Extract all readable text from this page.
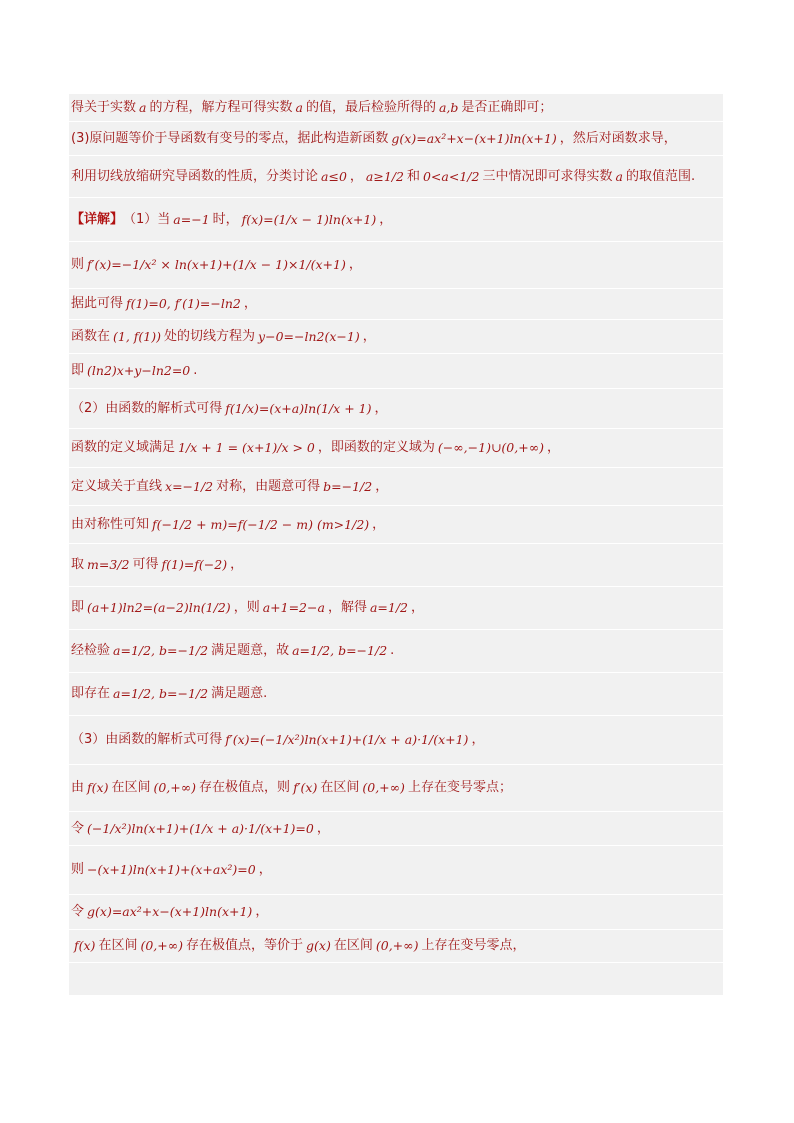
得关于实数 a 的方程，解方程可得实数 a 的值，最后检验所得的 a,b 是否正确即可；
(3)原问题等价于导函数有变号的零点，据此构造新函数 g(x)=ax²+x−(x+1)ln(x+1) ，然后对函数求导，
利用切线放缩研究导函数的性质，分类讨论 a≤0 ， a≥1/2 和 0<a<1/2 三中情况即可求得实数 a 的取值范围.
【详解】 （1）当 a=−1 时， f(x)=(1/x − 1)ln(x+1) ，
则 f′(x)=−1/x² × ln(x+1)+(1/x − 1)×1/(x+1) ，
据此可得 f(1)=0, f′(1)=−ln2 ，
函数在 (1, f(1)) 处的切线方程为 y−0=−ln2(x−1) ，
即 (ln2)x+y−ln2=0 .
（2）由函数的解析式可得 f(1/x)=(x+a)ln(1/x + 1) ，
函数的定义域满足 1/x + 1 = (x+1)/x > 0 ，即函数的定义域为 (−∞,−1)∪(0,+∞) ，
定义域关于直线 x=−1/2 对称，由题意可得 b=−1/2 ，
由对称性可知 f(−1/2 + m)=f(−1/2 − m) (m>1/2) ，
取 m=3/2 可得 f(1)=f(−2) ，
即 (a+1)ln2=(a−2)ln(1/2) ，则 a+1=2−a ，解得 a=1/2 ，
经检验 a=1/2, b=−1/2 满足题意，故 a=1/2, b=−1/2 .
即存在 a=1/2, b=−1/2 满足题意.
（3）由函数的解析式可得 f′(x)=(−1/x²)ln(x+1)+(1/x + a)·1/(x+1) ，
由 f(x) 在区间 (0,+∞) 存在极值点，则 f′(x) 在区间 (0,+∞) 上存在变号零点；
令 (−1/x²)ln(x+1)+(1/x + a)·1/(x+1)=0 ，
则 −(x+1)ln(x+1)+(x+ax²)=0 ，
令 g(x)=ax²+x−(x+1)ln(x+1) ，
f(x) 在区间 (0,+∞) 存在极值点，等价于 g(x) 在区间 (0,+∞) 上存在变号零点，
